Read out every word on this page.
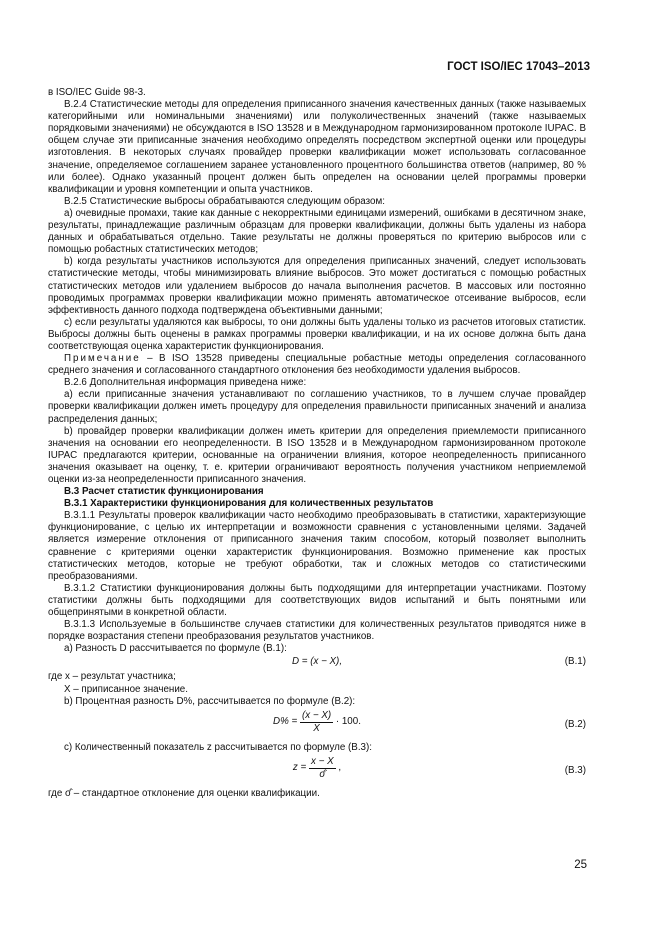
ГОСТ ISO/IEC 17043–2013

в ISO/IEC Guide 98-3.

B.2.4 Статистические методы для определения приписанного значения качественных данных (также называемых категорийными или номинальными значениями) или полуколичественных значений (также называемых порядковыми значениями) не обсуждаются в ISO 13528 и в Международном гармонизированном протоколе IUPAC. В общем случае эти приписанные значения необходимо определять посредством экспертной оценки или процедуры изготовления. В некоторых случаях провайдер проверки квалификации может использовать согласованное значение, определяемое соглашением заранее установленного процентного большинства ответов (например, 80 % или более). Однако указанный процент должен быть определен на основании целей программы проверки квалификации и уровня компетенции и опыта участников.

B.2.5 Статистические выбросы обрабатываются следующим образом:

a) очевидные промахи, такие как данные с некорректными единицами измерений, ошибками в десятичном знаке, результаты, принадлежащие различным образцам для проверки квалификации, должны быть удалены из набора данных и обрабатываться отдельно. Такие результаты не должны проверяться по критерию выбросов или с помощью робастных статистических методов;

b) когда результаты участников используются для определения приписанных значений, следует использовать статистические методы, чтобы минимизировать влияние выбросов. Это может достигаться с помощью робастных статистических методов или удалением выбросов до начала выполнения расчетов. В массовых или постоянно проводимых программах проверки квалификации можно применять автоматическое отсеивание выбросов, если эффективность данного подхода подтверждена объективными данными;

c) если результаты удаляются как выбросы, то они должны быть удалены только из расчетов итоговых статистик. Выбросы должны быть оценены в рамках программы проверки квалификации, и на их основе должна быть дана соответствующая оценка характеристик функционирования.

Примечание – В ISO 13528 приведены специальные робастные методы определения согласованного среднего значения и согласованного стандартного отклонения без необходимости удаления выбросов.

B.2.6 Дополнительная информация приведена ниже:

a) если приписанные значения устанавливают по соглашению участников, то в лучшем случае провайдер проверки квалификации должен иметь процедуру для определения правильности приписанных значений и анализа распределения данных;

b) провайдер проверки квалификации должен иметь критерии для определения приемлемости приписанного значения на основании его неопределенности. В ISO 13528 и в Международном гармонизированном протоколе IUPAC предлагаются критерии, основанные на ограничении влияния, которое неопределенность приписанного значения оказывает на оценку, т. е. критерии ограничивают вероятность получения участником неприемлемой оценки из-за неопределенности приписанного значения.

B.3 Расчет статистик функционирования

B.3.1 Характеристики функционирования для количественных результатов

B.3.1.1 Результаты проверок квалификации часто необходимо преобразовывать в статистики, характеризующие функционирование, с целью их интерпретации и возможности сравнения с установленными целями. Задачей является измерение отклонения от приписанного значения таким способом, который позволяет выполнить сравнение с критериями оценки характеристик функционирования. Возможно применение как простых статистических методов, которые не требуют обработки, так и сложных методов со статистическими преобразованиями.

B.3.1.2 Статистики функционирования должны быть подходящими для интерпретации участниками. Поэтому статистики должны быть подходящими для соответствующих видов испытаний и быть понятными или общепринятыми в конкретной области.

B.3.1.3 Используемые в большинстве случаев статистики для количественных результатов приводятся ниже в порядке возрастания степени преобразования результатов участников.

a) Разность D рассчитывается по формуле (B.1):

D = (x − X),	(B.1)

где x – результат участника;

X – приписанное значение.

b) Процентная разность D%, рассчитывается по формуле (B.2):

$D\% = \frac{(x - X)}{X} \cdot 100$.	(B.2)

c) Количественный показатель z рассчитывается по формуле (B.3):

$z = \frac{x - X}{\sigmâ}$ ,	(B.3)

где σ̂ – стандартное отклонение для оценки квалификации.

25
